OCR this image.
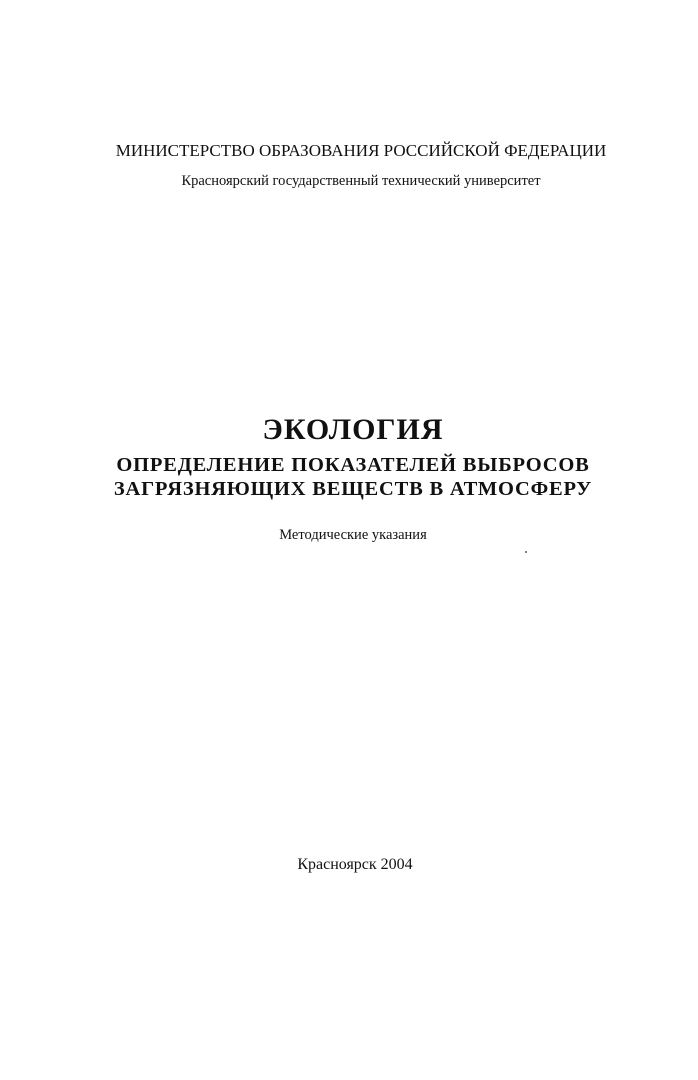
МИНИСТЕРСТВО ОБРАЗОВАНИЯ РОССИЙСКОЙ ФЕДЕРАЦИИ
Красноярский государственный технический университет
ЭКОЛОГИЯ
ОПРЕДЕЛЕНИЕ ПОКАЗАТЕЛЕЙ ВЫБРОСОВ
ЗАГРЯЗНЯЮЩИХ ВЕЩЕСТВ В АТМОСФЕРУ
Методические указания
Красноярск 2004
